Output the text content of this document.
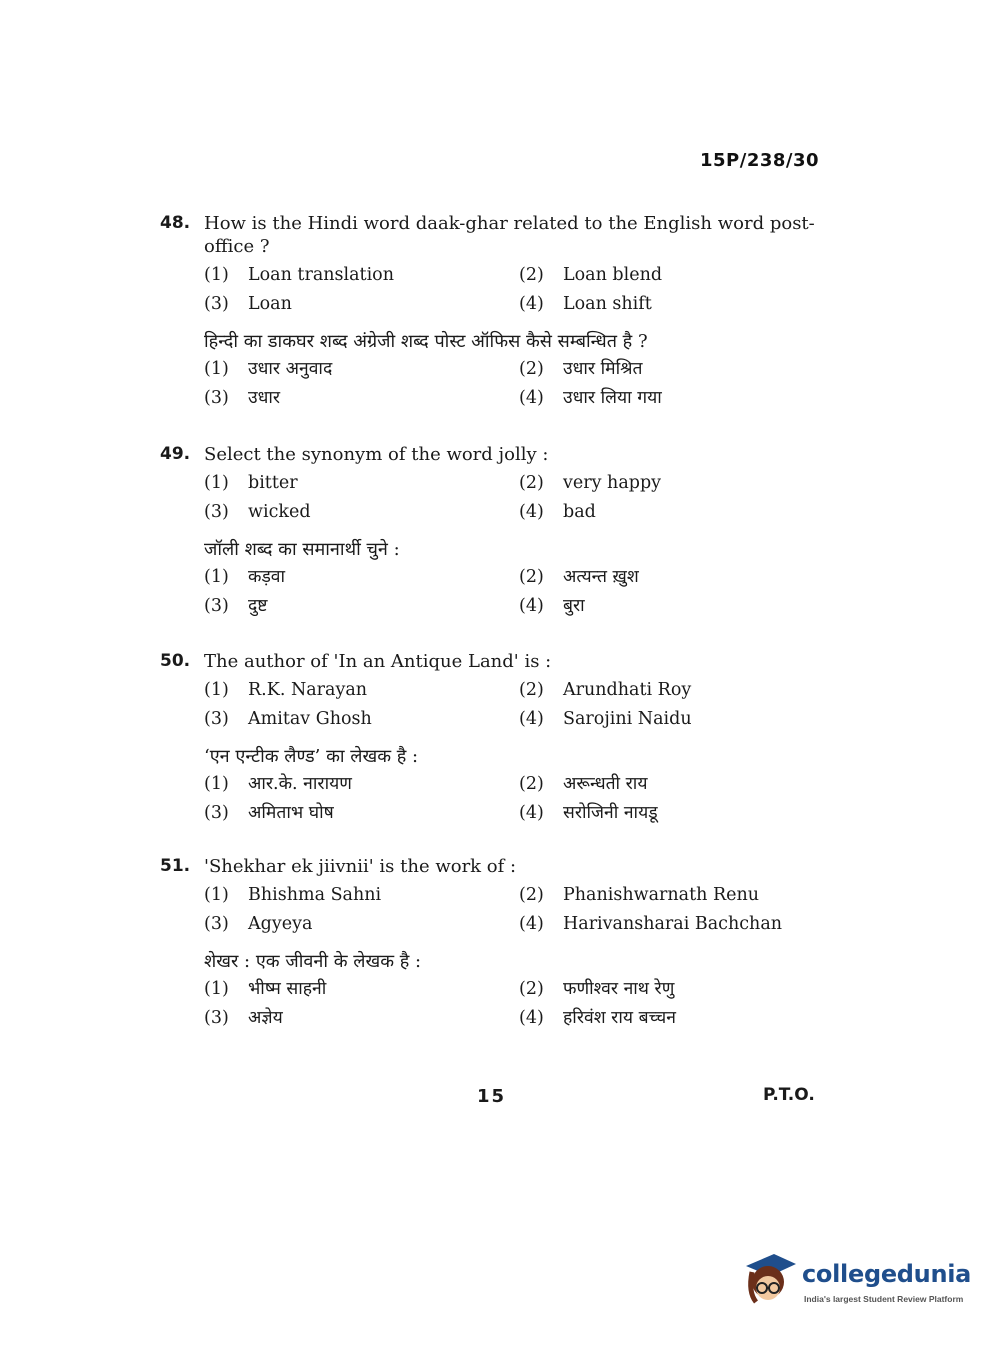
15P/238/30
48. How is the Hindi word daak-ghar related to the English word post-office ?
(1)	Loan translation	(2)	Loan blend
(3)	Loan	(4)	Loan shift
हिन्दी का डाकघर शब्द अंग्रेजी शब्द पोस्ट ऑफिस कैसे सम्बन्धित है ?
(1)	उधार अनुवाद	(2)	उधार मिश्रित
(3)	उधार	(4)	उधार लिया गया
49. Select the synonym of the word jolly :
(1)	bitter	(2)	very happy
(3)	wicked	(4)	bad
जॉली शब्द का समानार्थी चुने :
(1)	कड़वा	(2)	अत्यन्त ख़ुश
(3)	दुष्ट	(4)	बुरा
50. The author of 'In an Antique Land' is :
(1)	R.K. Narayan	(2)	Arundhati Roy
(3)	Amitav Ghosh	(4)	Sarojini Naidu
‘एन एन्टीक लैण्ड’ का लेखक है :
(1)	आर.के. नारायण	(2)	अरून्धती राय
(3)	अमिताभ घोष	(4)	सरोजिनी नायडू
51. 'Shekhar ek jiivnii' is the work of :
(1)	Bhishma Sahni	(2)	Phanishwarnath Renu
(3)	Agyeya	(4)	Harivansharai Bachchan
शेखर : एक जीवनी के लेखक है :
(1)	भीष्म साहनी	(2)	फणीश्वर नाथ रेणु
(3)	अज्ञेय	(4)	हरिवंश राय बच्चन
15	P.T.O.
collegedunia
India's largest Student Review Platform
